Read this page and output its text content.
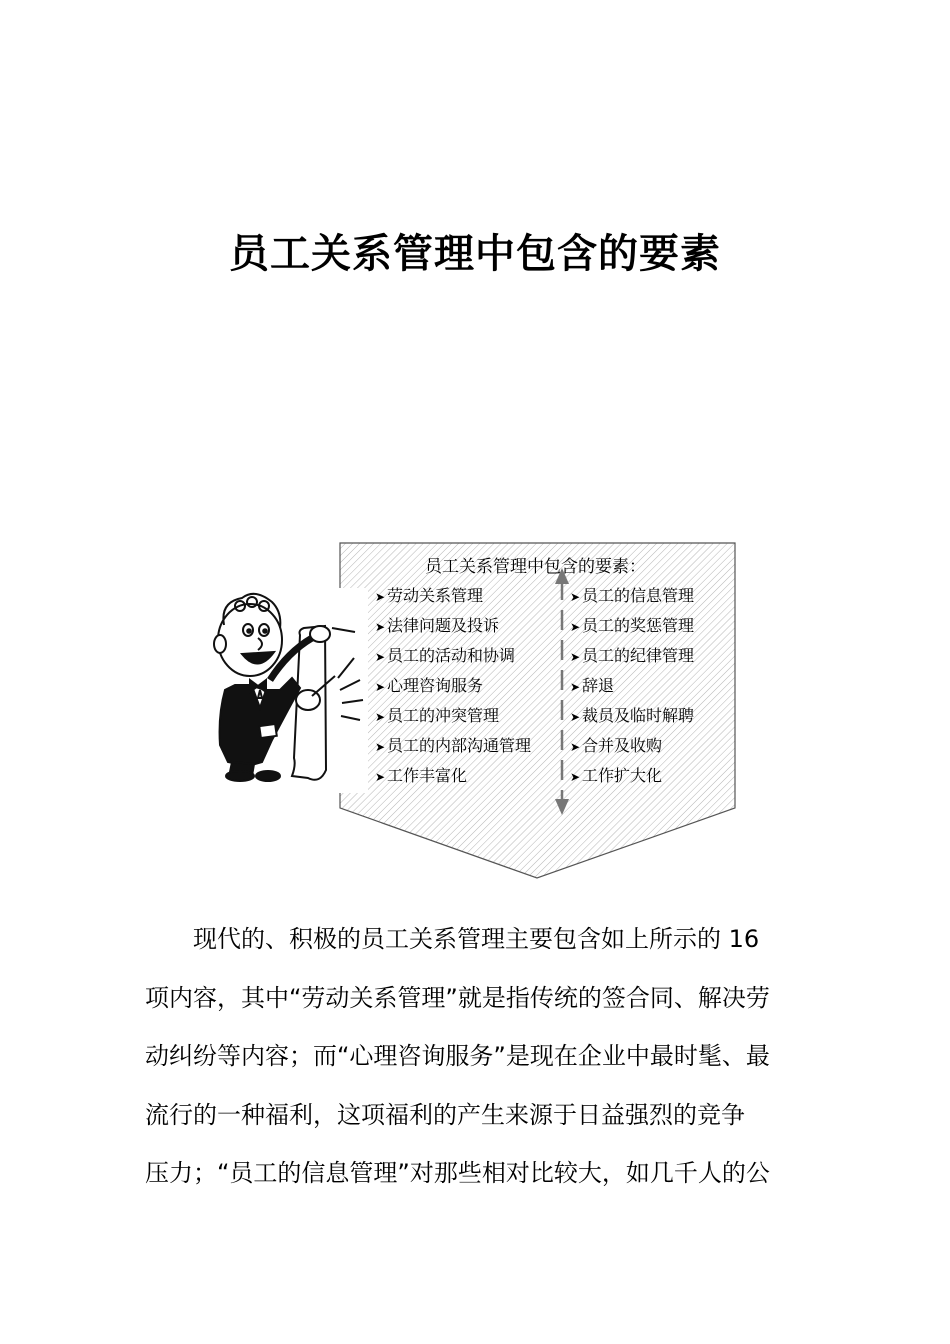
员工关系管理中包含的要素
员工关系管理中包含的要素：
➤ 劳动关系管理
➤ 法律问题及投诉
➤ 员工的活动和协调
➤ 心理咨询服务
➤ 员工的冲突管理
➤ 员工的内部沟通管理
➤ 工作丰富化
➤ 员工的信息管理
➤ 员工的奖惩管理
➤ 员工的纪律管理
➤ 辞退
➤ 裁员及临时解聘
➤ 合并及收购
➤ 工作扩大化

现代的、积极的员工关系管理主要包含如上所示的 16
项内容，其中“劳动关系管理”就是指传统的签合同、解决劳
动纠纷等内容；而“心理咨询服务”是现在企业中最时髦、最
流行的一种福利，这项福利的产生来源于日益强烈的竞争
压力；“员工的信息管理”对那些相对比较大，如几千人的公
